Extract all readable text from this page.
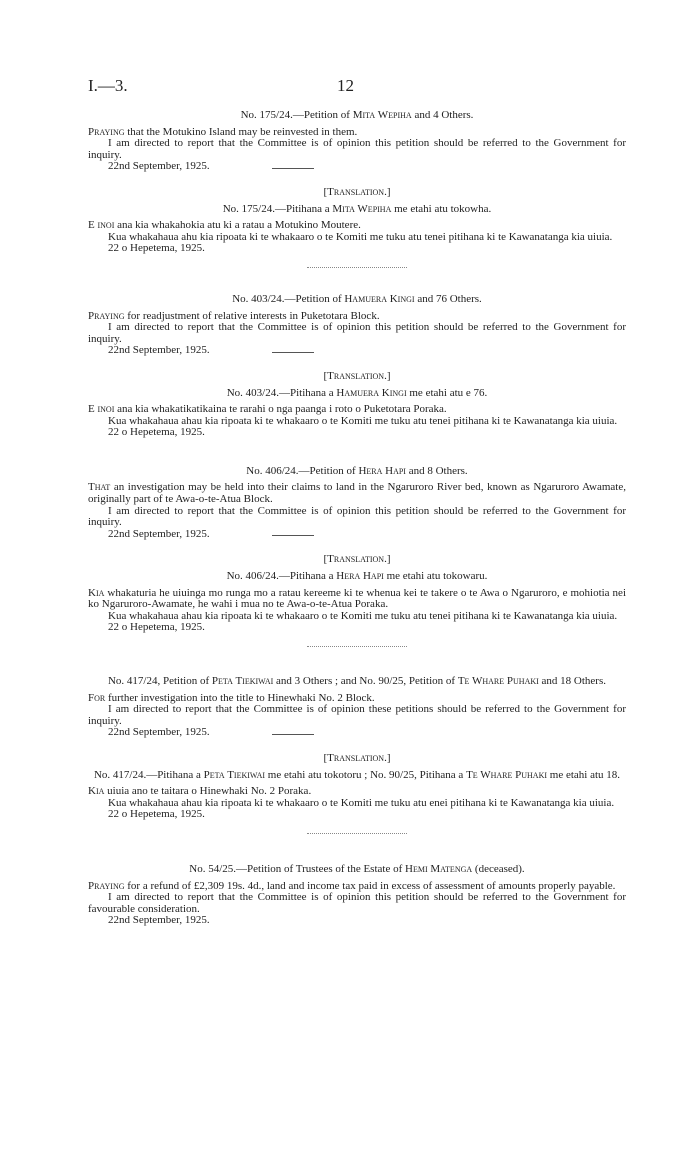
I.—3.	12

No. 175/24.—Petition of Mita Wepiha and 4 Others.

Praying that the Motukino Island may be reinvested in them.

I am directed to report that the Committee is of opinion this petition should be referred to the Government for inquiry.

22nd September, 1925.

[Translation.]

No. 175/24.—Pitihana a Mita Wepiha me etahi atu tokowha.

E inoi ana kia whakahokia atu ki a ratau a Motukino Moutere.

Kua whakahaua ahu kia ripoata ki te whakaaro o te Komiti me tuku atu tenei pitihana ki te Kawanatanga kia uiuia.

22 o Hepetema, 1925.

No. 403/24.—Petition of Hamuera Kingi and 76 Others.

Praying for readjustment of relative interests in Puketotara Block.

I am directed to report that the Committee is of opinion this petition should be referred to the Government for inquiry.

22nd September, 1925.

[Translation.]

No. 403/24.—Pitihana a Hamuera Kingi me etahi atu e 76.

E inoi ana kia whakatikatikaina te rarahi o nga paanga i roto o Puketotara Poraka.

Kua whakahaua ahau kia ripoata ki te whakaaro o te Komiti me tuku atu tenei pitihana ki te Kawanatanga kia uiuia.

22 o Hepetema, 1925.

No. 406/24.—Petition of Hera Hapi and 8 Others.

That an investigation may be held into their claims to land in the Ngaruroro River bed, known as Ngaruroro Awamate, originally part of te Awa-o-te-Atua Block.

I am directed to report that the Committee is of opinion this petition should be referred to the Government for inquiry.

22nd September, 1925.

[Translation.]

No. 406/24.—Pitihana a Hera Hapi me etahi atu tokowaru.

Kia whakaturia he uiuinga mo runga mo a ratau kereeme ki te whenua kei te takere o te Awa o Ngaruroro, e mohiotia nei ko Ngaruroro-Awamate, he wahi i mua no te Awa-o-te-Atua Poraka.

Kua whakahaua ahau kia ripoata ki te whakaaro o te Komiti me tuku atu tenei pitihana ki te Kawanatanga kia uiuia.

22 o Hepetema, 1925.

No. 417/24, Petition of Peta Tiekiwai and 3 Others ; and No. 90/25, Petition of Te Whare Puhaki and 18 Others.

For further investigation into the title to Hinewhaki No. 2 Block.

I am directed to report that the Committee is of opinion these petitions should be referred to the Government for inquiry.

22nd September, 1925.

[Translation.]

No. 417/24.—Pitihana a Peta Tiekiwai me etahi atu tokotoru ; No. 90/25, Pitihana a Te Whare Puhaki me etahi atu 18.

Kia uiuia ano te taitara o Hinewhaki No. 2 Poraka.

Kua whakahaua ahau kia ripoata ki te whakaaro o te Komiti me tuku atu enei pitihana ki te Kawanatanga kia uiuia.

22 o Hepetema, 1925.

No. 54/25.—Petition of Trustees of the Estate of Hemi Matenga (deceased).

Praying for a refund of £2,309 19s. 4d., land and income tax paid in excess of assessment of amounts properly payable.

I am directed to report that the Committee is of opinion this petition should be referred to the Government for favourable consideration.

22nd September, 1925.
